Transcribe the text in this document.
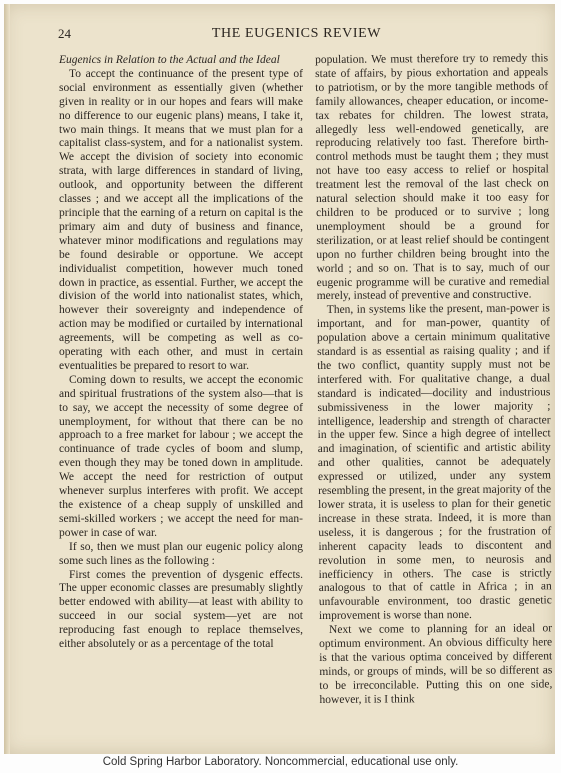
24	THE EUGENICS REVIEW

Eugenics in Relation to the Actual and the Ideal

To accept the continuance of the present type of social environment as essentially given (whether given in reality or in our hopes and fears will make no difference to our eugenic plans) means, I take it, two main things. It means that we must plan for a capitalist class-system, and for a nationalist system. We accept the division of society into economic strata, with large differences in standard of living, outlook, and opportunity between the different classes ; and we accept all the implications of the principle that the earning of a return on capital is the primary aim and duty of business and finance, whatever minor modifications and regulations may be found desirable or opportune. We accept individualist competition, however much toned down in practice, as essential. Further, we accept the division of the world into nationalist states, which, however their sovereignty and independence of action may be modified or curtailed by international agreements, will be competing as well as co-operating with each other, and must in certain eventualities be prepared to resort to war.

Coming down to results, we accept the economic and spiritual frustrations of the system also—that is to say, we accept the necessity of some degree of unemployment, for without that there can be no approach to a free market for labour ; we accept the continuance of trade cycles of boom and slump, even though they may be toned down in amplitude. We accept the need for restriction of output whenever surplus interferes with profit. We accept the existence of a cheap supply of unskilled and semi-skilled workers ; we accept the need for man-power in case of war.

If so, then we must plan our eugenic policy along some such lines as the following :

First comes the prevention of dysgenic effects. The upper economic classes are presumably slightly better endowed with ability—at least with ability to succeed in our social system—yet are not reproducing fast enough to replace themselves, either absolutely or as a percentage of the total

population. We must therefore try to remedy this state of affairs, by pious exhortation and appeals to patriotism, or by the more tangible methods of family allowances, cheaper education, or income-tax rebates for children. The lowest strata, allegedly less well-endowed genetically, are reproducing relatively too fast. Therefore birth-control methods must be taught them ; they must not have too easy access to relief or hospital treatment lest the removal of the last check on natural selection should make it too easy for children to be produced or to survive ; long unemployment should be a ground for sterilization, or at least relief should be contingent upon no further children being brought into the world ; and so on. That is to say, much of our eugenic programme will be curative and remedial merely, instead of preventive and constructive.

Then, in systems like the present, man-power is important, and for man-power, quantity of population above a certain minimum qualitative standard is as essential as raising quality ; and if the two conflict, quantity supply must not be interfered with. For qualitative change, a dual standard is indicated—docility and industrious submissiveness in the lower majority ; intelligence, leadership and strength of character in the upper few. Since a high degree of intellect and imagination, of scientific and artistic ability and other qualities, cannot be adequately expressed or utilized, under any system resembling the present, in the great majority of the lower strata, it is useless to plan for their genetic increase in these strata. Indeed, it is more than useless, it is dangerous ; for the frustration of inherent capacity leads to discontent and revolution in some men, to neurosis and inefficiency in others. The case is strictly analogous to that of cattle in Africa ; in an unfavourable environment, too drastic genetic improvement is worse than none.

Next we come to planning for an ideal or optimum environment. An obvious difficulty here is that the various optima conceived by different minds, or groups of minds, will be so different as to be irreconcilable. Putting this on one side, however, it is I think

Cold Spring Harbor Laboratory. Noncommercial, educational use only.
